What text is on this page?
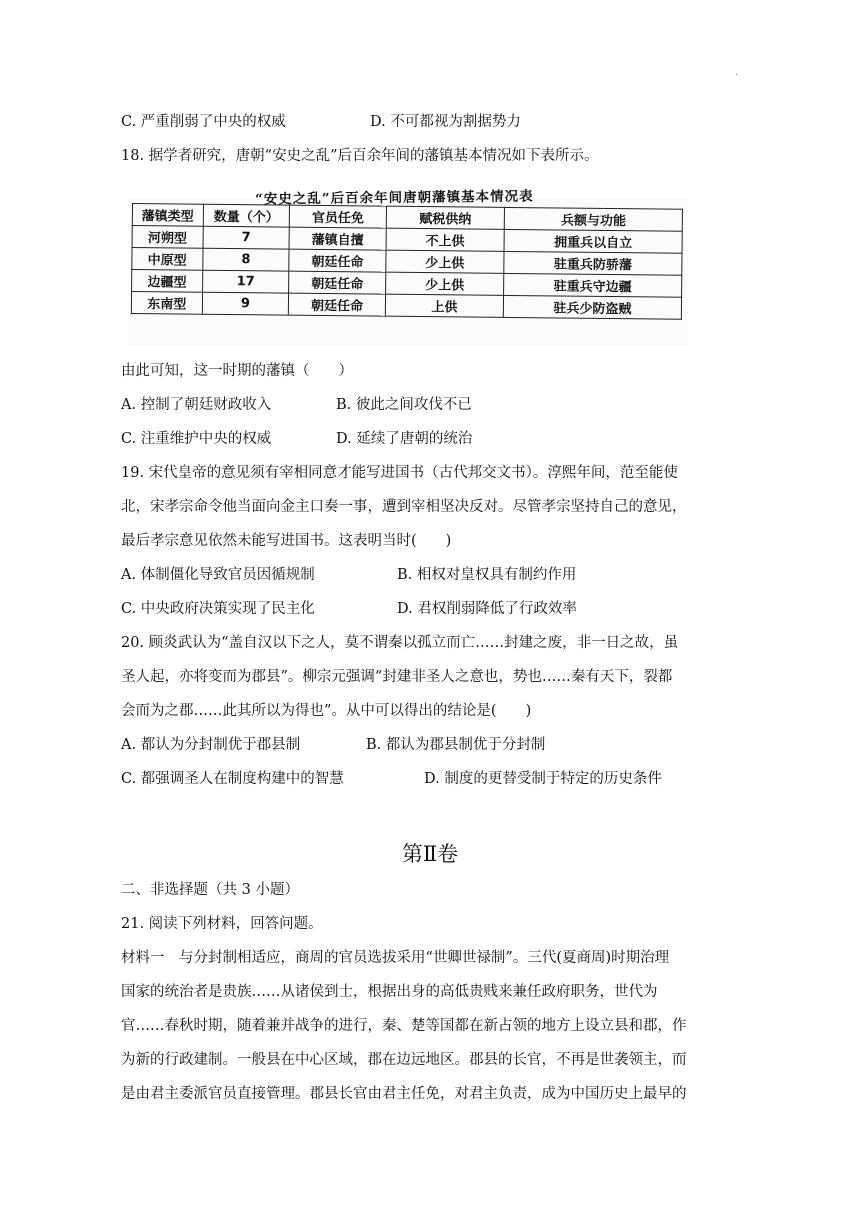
·
C. 严重削弱了中央的权威	D. 不可都视为割据势力
18. 据学者研究，唐朝“安史之乱”后百余年间的藩镇基本情况如下表所示。
“安史之乱”后百余年间唐朝藩镇基本情况表
藩镇类型	数量（个）	官员任免	赋税供纳	兵额与功能
河朔型	7	藩镇自擅	不上供	拥重兵以自立
中原型	8	朝廷任命	少上供	驻重兵防骄藩
边疆型	17	朝廷任命	少上供	驻重兵守边疆
东南型	9	朝廷任命	上供	驻兵少防盗贼
由此可知，这一时期的藩镇（　　）
A. 控制了朝廷财政收入	B. 彼此之间攻伐不已
C. 注重维护中央的权威	D. 延续了唐朝的统治
19. 宋代皇帝的意见须有宰相同意才能写进国书（古代邦交文书）。淳熙年间，范至能使
北，宋孝宗命令他当面向金主口奏一事，遭到宰相坚决反对。尽管孝宗坚持自己的意见，
最后孝宗意见依然未能写进国书。这表明当时(　　)
A. 体制僵化导致官员因循规制	B. 相权对皇权具有制约作用
C. 中央政府决策实现了民主化	D. 君权削弱降低了行政效率
20. 顾炎武认为“盖自汉以下之人，莫不谓秦以孤立而亡……封建之废，非一日之故，虽
圣人起，亦将变而为郡县”。柳宗元强调“封建非圣人之意也，势也……秦有天下，裂都
会而为之郡……此其所以为得也”。从中可以得出的结论是(　　)
A. 都认为分封制优于郡县制	B. 都认为郡县制优于分封制
C. 都强调圣人在制度构建中的智慧	D. 制度的更替受制于特定的历史条件
第Ⅱ卷
二、非选择题（共 3 小题）
21. 阅读下列材料，回答问题。
材料一　与分封制相适应，商周的官员选拔采用“世卿世禄制”。三代(夏商周)时期治理
国家的统治者是贵族……从诸侯到士，根据出身的高低贵贱来兼任政府职务，世代为
官……春秋时期，随着兼并战争的进行，秦、楚等国都在新占领的地方上设立县和郡，作
为新的行政建制。一般县在中心区域，郡在边远地区。郡县的长官，不再是世袭领主，而
是由君主委派官员直接管理。郡县长官由君主任免，对君主负责，成为中国历史上最早的
